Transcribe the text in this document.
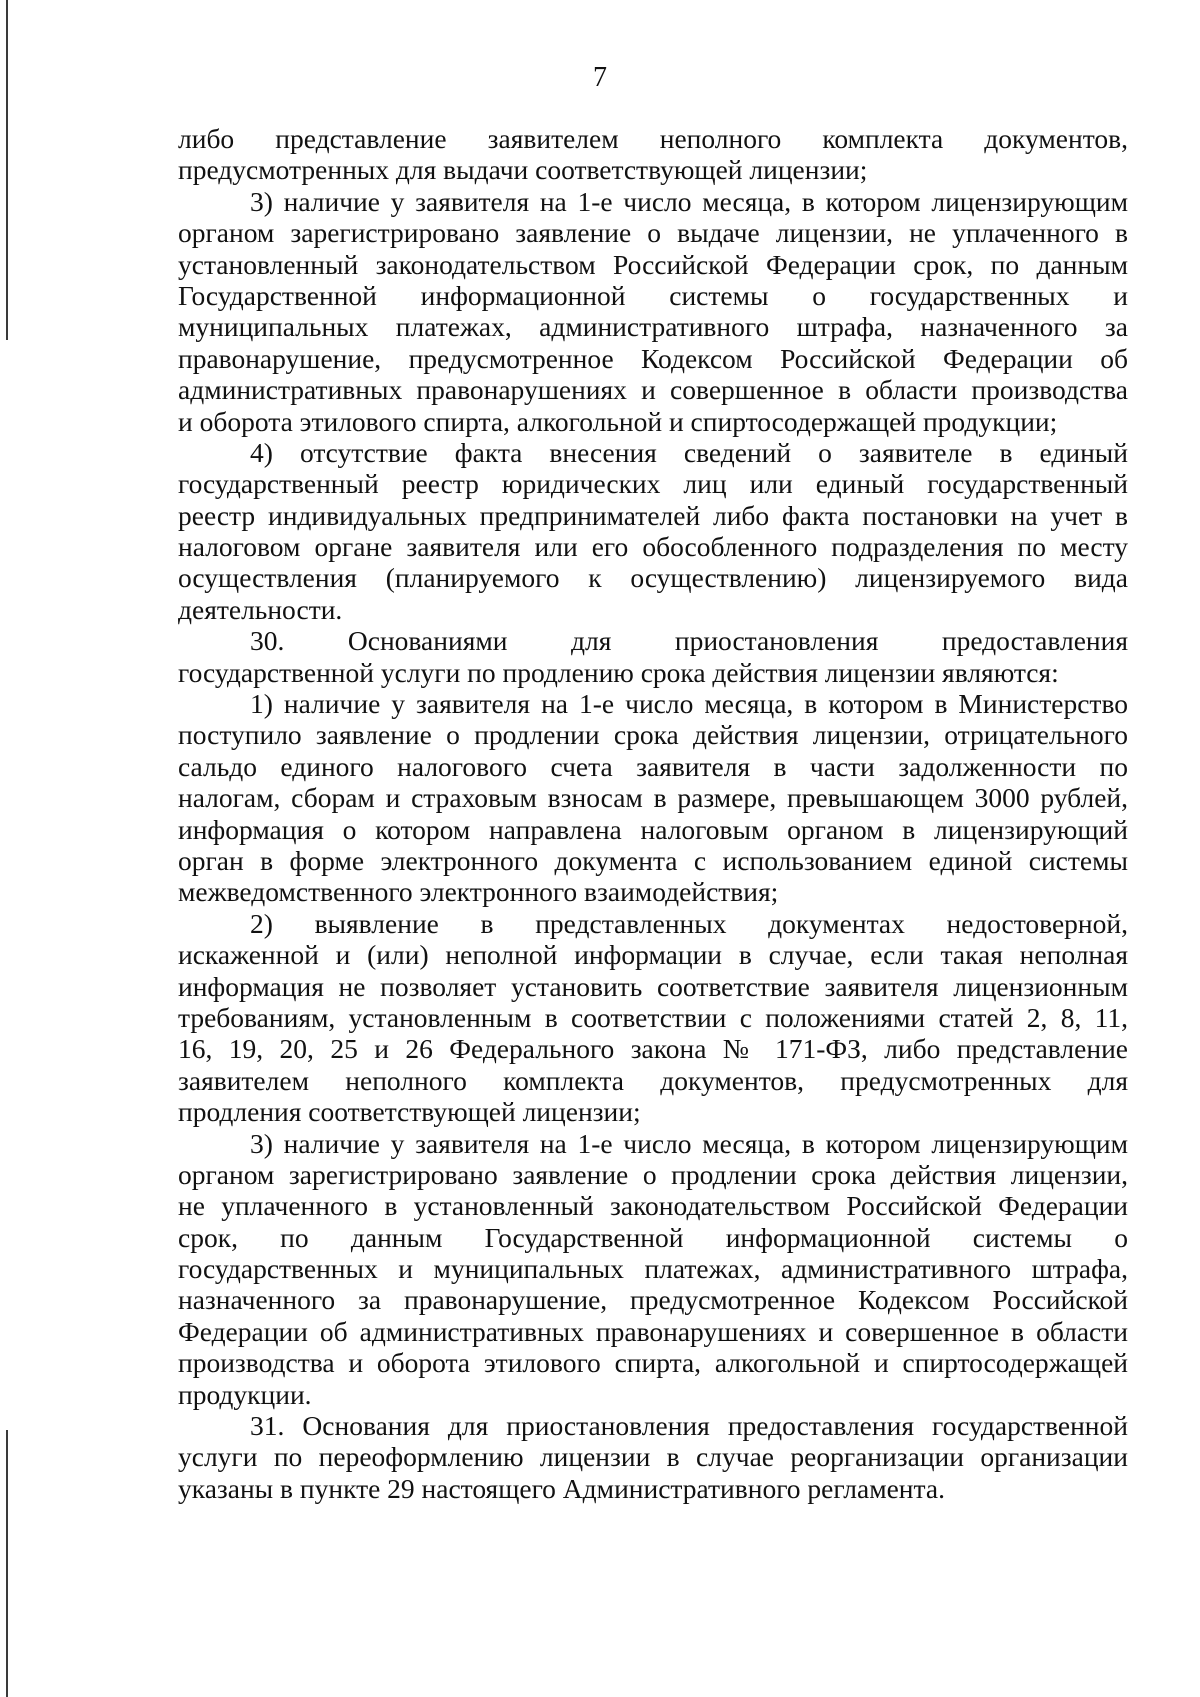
7
либо представление заявителем неполного комплекта документов,
предусмотренных для выдачи соответствующей лицензии;
3) наличие у заявителя на 1-е число месяца, в котором лицензирующим
органом зарегистрировано заявление о выдаче лицензии, не уплаченного в
установленный законодательством Российской Федерации срок, по данным
Государственной информационной системы о государственных и
муниципальных платежах, административного штрафа, назначенного за
правонарушение, предусмотренное Кодексом Российской Федерации об
административных правонарушениях и совершенное в области производства
и оборота этилового спирта, алкогольной и спиртосодержащей продукции;
4) отсутствие факта внесения сведений о заявителе в единый
государственный реестр юридических лиц или единый государственный
реестр индивидуальных предпринимателей либо факта постановки на учет в
налоговом органе заявителя или его обособленного подразделения по месту
осуществления (планируемого к осуществлению) лицензируемого вида
деятельности.
30. Основаниями для приостановления предоставления
государственной услуги по продлению срока действия лицензии являются:
1) наличие у заявителя на 1-е число месяца, в котором в Министерство
поступило заявление о продлении срока действия лицензии, отрицательного
сальдо единого налогового счета заявителя в части задолженности по
налогам, сборам и страховым взносам в размере, превышающем 3000 рублей,
информация о котором направлена налоговым органом в лицензирующий
орган в форме электронного документа с использованием единой системы
межведомственного электронного взаимодействия;
2) выявление в представленных документах недостоверной,
искаженной и (или) неполной информации в случае, если такая неполная
информация не позволяет установить соответствие заявителя лицензионным
требованиям, установленным в соответствии с положениями статей 2, 8, 11,
16, 19, 20, 25 и 26 Федерального закона № 171-ФЗ, либо представление
заявителем неполного комплекта документов, предусмотренных для
продления соответствующей лицензии;
3) наличие у заявителя на 1-е число месяца, в котором лицензирующим
органом зарегистрировано заявление о продлении срока действия лицензии,
не уплаченного в установленный законодательством Российской Федерации
срок, по данным Государственной информационной системы о
государственных и муниципальных платежах, административного штрафа,
назначенного за правонарушение, предусмотренное Кодексом Российской
Федерации об административных правонарушениях и совершенное в области
производства и оборота этилового спирта, алкогольной и спиртосодержащей
продукции.
31. Основания для приостановления предоставления государственной
услуги по переоформлению лицензии в случае реорганизации организации
указаны в пункте 29 настоящего Административного регламента.
